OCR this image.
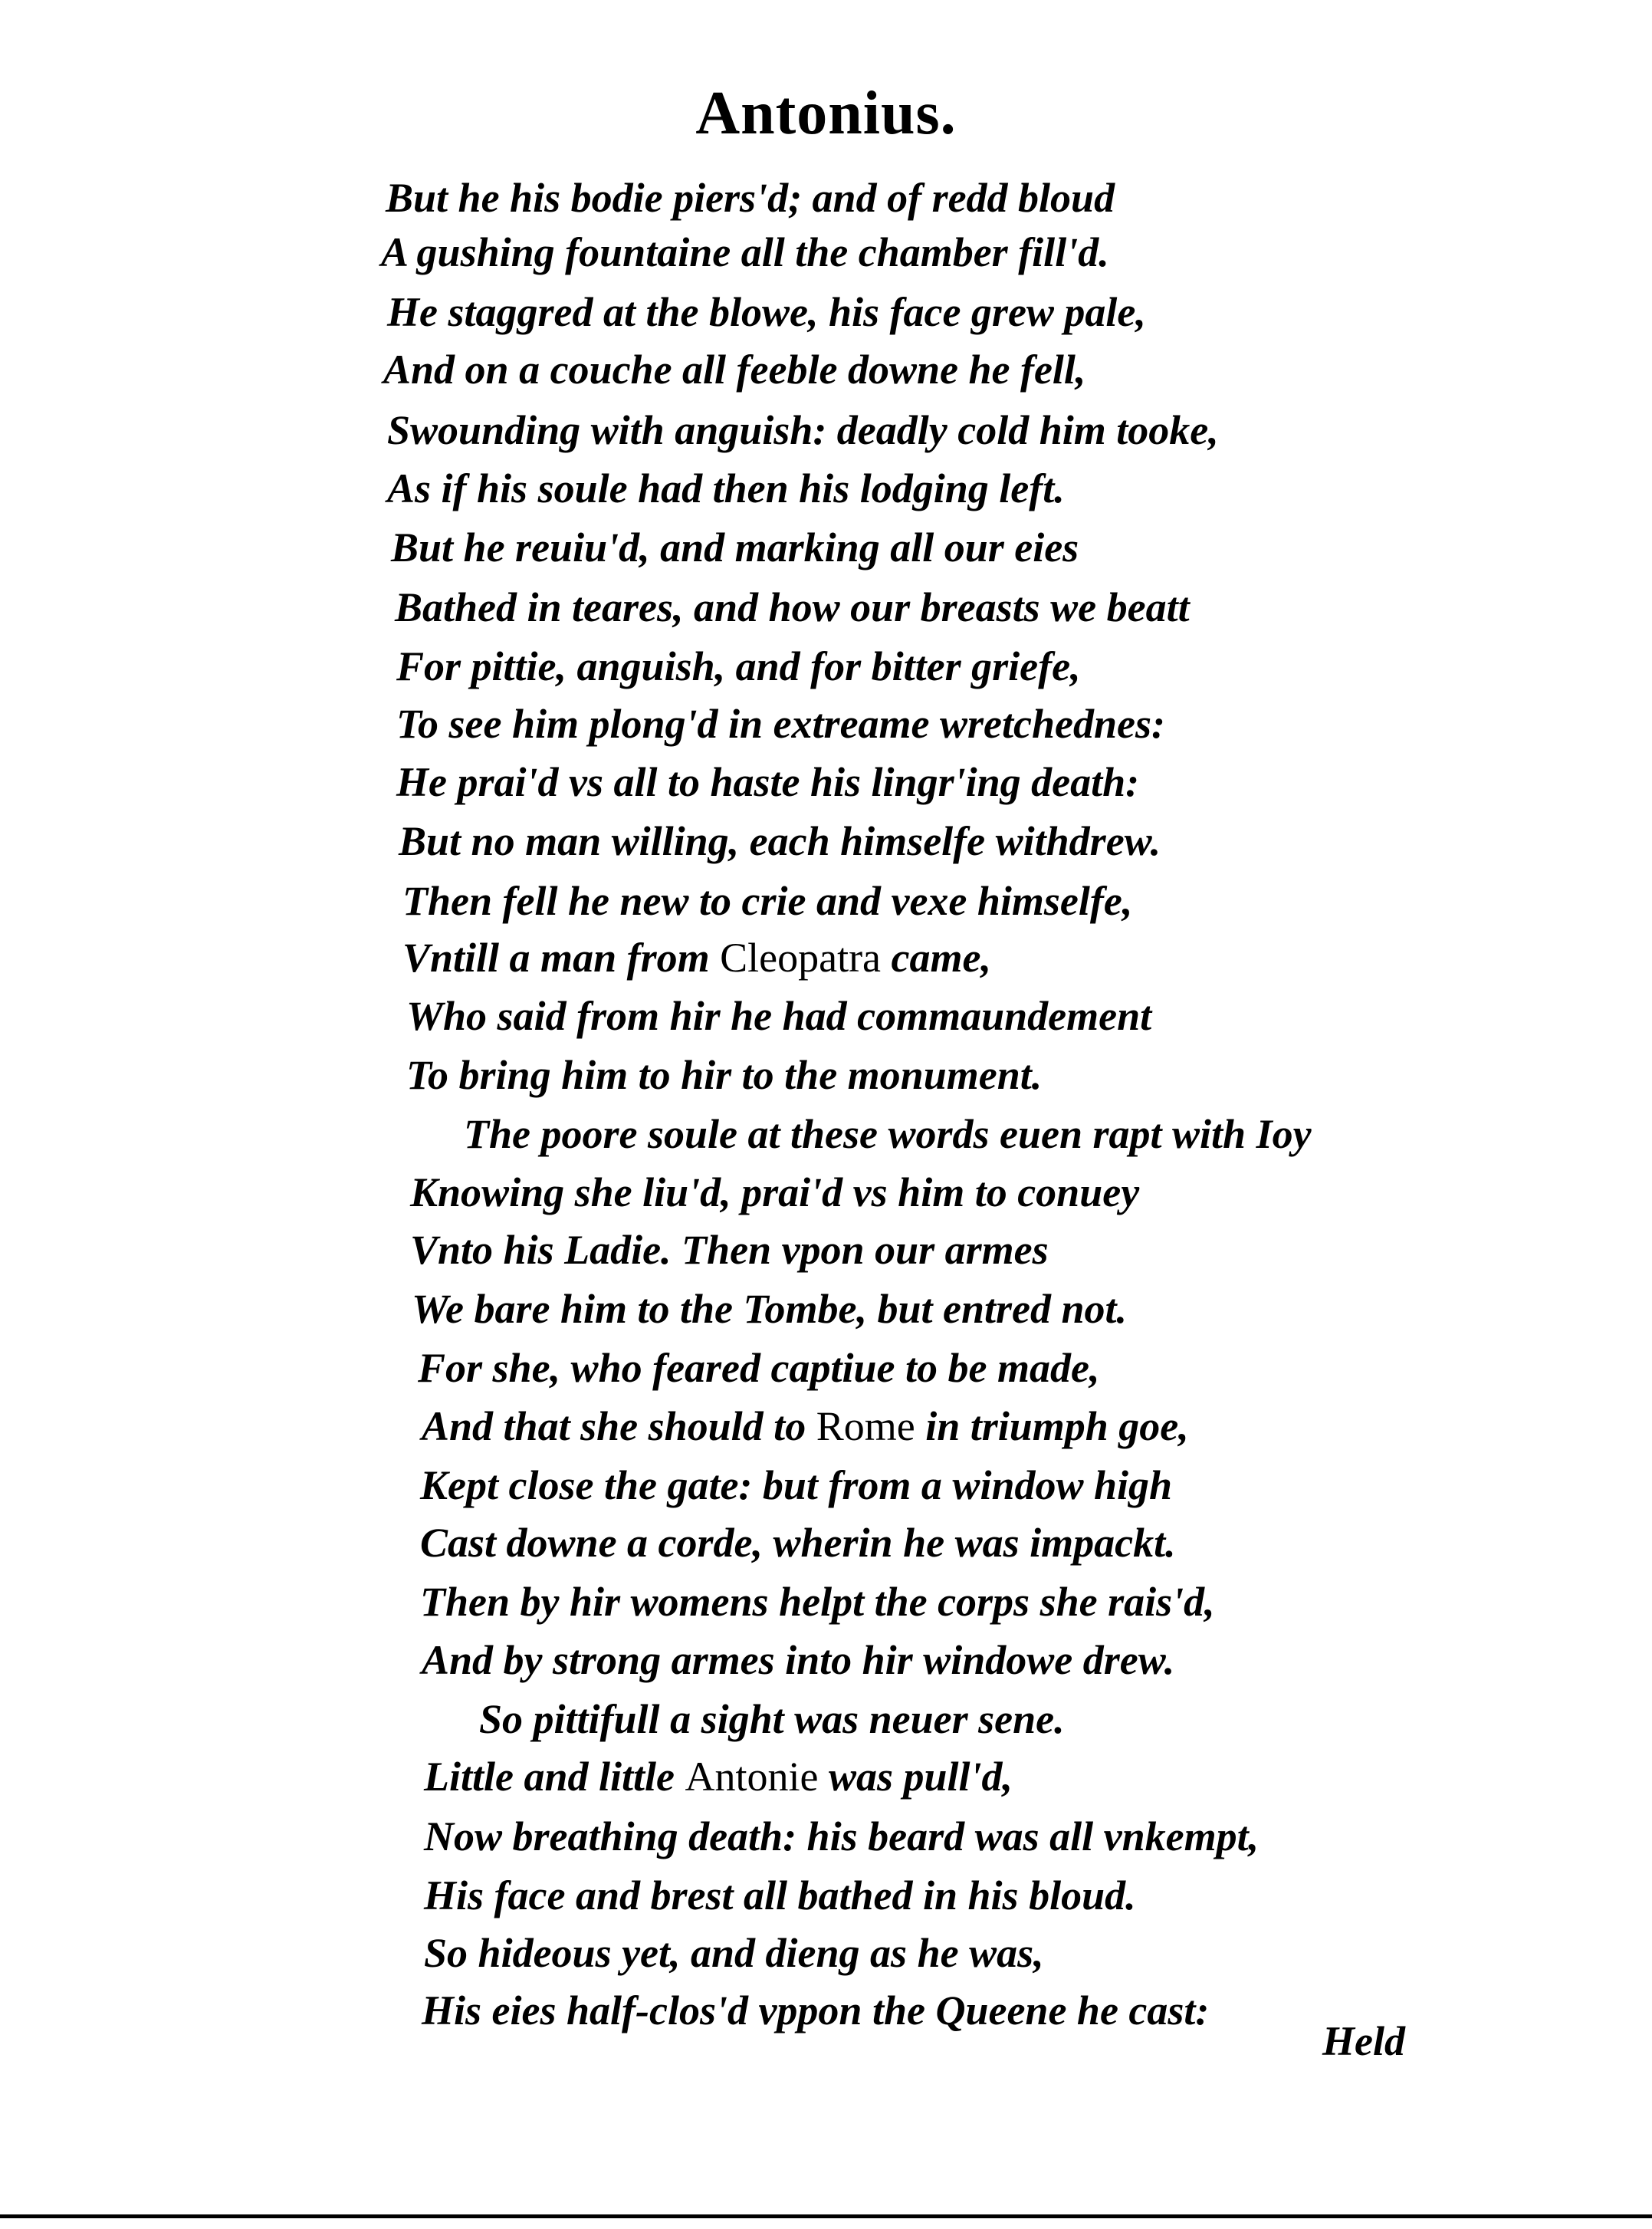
Antonius.
But he his bodie piers'd; and of redd bloud
A gushing fountaine all the chamber fill'd.
He staggred at the blowe, his face grew pale,
And on a couche all feeble downe he fell,
Swounding with anguish: deadly cold him tooke,
As if his soule had then his lodging left.
But he reuiu'd, and marking all our eies
Bathed in teares, and how our breasts we beatt
For pittie, anguish, and for bitter griefe,
To see him plong'd in extreame wretchednes:
He prai'd vs all to haste his lingr'ing death:
But no man willing, each himselfe withdrew.
Then fell he new to crie and vexe himselfe,
Vntill a man from Cleopatra came,
Who said from hir he had commaundement
To bring him to hir to the monument.
The poore soule at these words euen rapt with Ioy
Knowing she liu'd, prai'd vs him to conuey
Vnto his Ladie. Then vpon our armes
We bare him to the Tombe, but entred not.
For she, who feared captiue to be made,
And that she should to Rome in triumph goe,
Kept close the gate: but from a window high
Cast downe a corde, wherin he was impackt.
Then by hir womens helpt the corps she rais'd,
And by strong armes into hir windowe drew.
So pittifull a sight was neuer sene.
Little and little Antonie was pull'd,
Now breathing death: his beard was all vnkempt,
His face and brest all bathed in his bloud.
So hideous yet, and dieng as he was,
His eies half-clos'd vppon the Queene he cast:
Held
